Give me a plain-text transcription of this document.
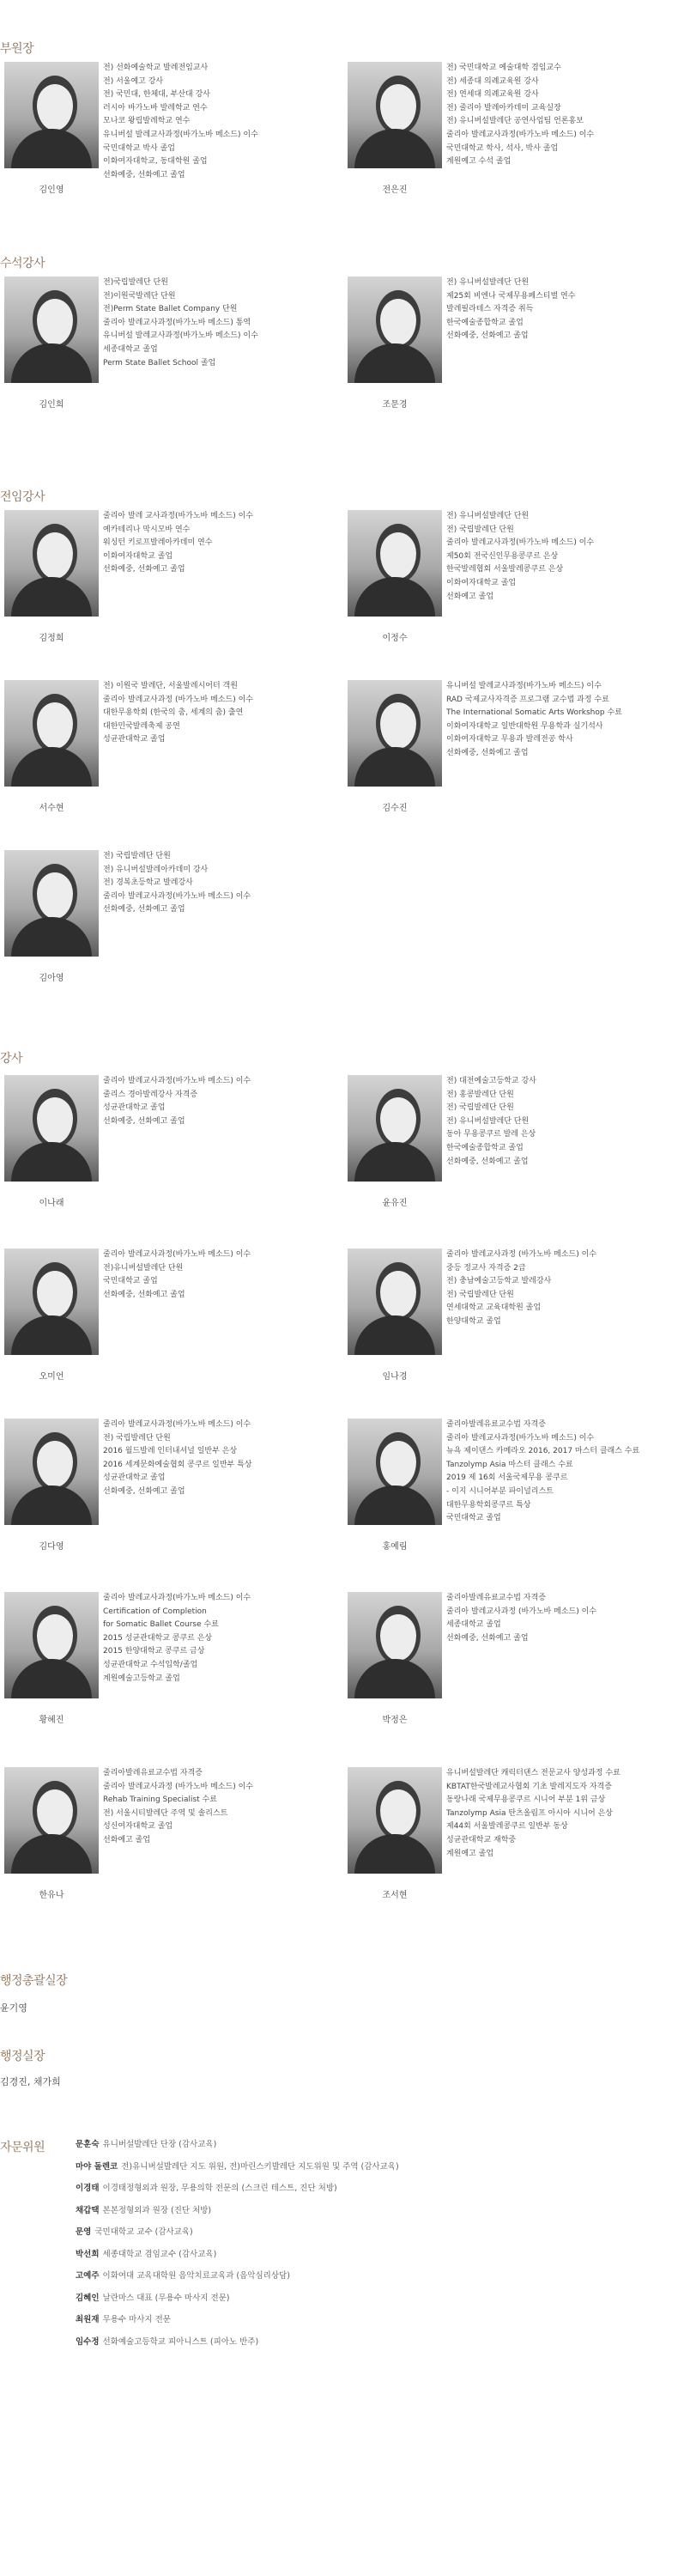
부원장
전) 선화예술학교 발레전임교사
전) 서울예고 강사
전) 국민대, 한체대, 부산대 강사
러시아 바가노바 발레학교 연수
모나코 왕립발레학교 연수
유니버설 발레교사과정(바가노바 메소드) 이수
국민대학교 박사 졸업
이화여자대학교, 동대학원 졸업
선화예중, 선화예고 졸업
김인영
전) 국민대학교 예술대학 겸임교수
전) 세종대 의례교육원 강사
전) 연세대 의례교육원 강사
전) 줄리아 발레아카데미 교육실장
전) 유니버설발레단 공연사업팀 언론홍보
줄리아 발레교사과정(바가노바 메소드) 이수
국민대학교 학사, 석사, 박사 졸업
계원예고 수석 졸업
전은진
수석강사
전)국립발레단 단원
전)이원국발레단 단원
전)Perm State Ballet Company 단원
줄리아 발레교사과정(바가노바 메소드) 통역
유니버설 발레교사과정(바가노바 메소드) 이수
세종대학교 졸업
Perm State Ballet School 졸업
김인희
전) 유니버설발레단 단원
제25회 비엔나 국제무용페스티벌 연수
발레필라테스 자격증 취득
한국예술종합학교 졸업
선화예중, 선화예고 졸업
조문경
전임강사
줄리아 발레 교사과정(바가노바 메소드) 이수
예카테리나 막시모바 연수
워싱턴 키로프발레아카데미 연수
이화여자대학교 졸업
선화예중, 선화예고 졸업
김정희
전) 유니버설발레단 단원
전) 국립발레단 단원
줄리아 발레교사과정(바가노바 메소드) 이수
제50회 전국신인무용콩쿠르 은상
한국발레협회 서울발레콩쿠르 은상
이화여자대학교 졸업
선화예고 졸업
이정수
전) 이원국 발레단, 서울발레시어터 객원
줄리아 발레교사과정 (바가노바 메소드) 이수
대한무용학회 (한국의 춤, 세계의 춤) 출연
대한민국발레축제 공연
성균관대학교 졸업
서수현
유니버설 발레교사과정(바가노바 메소드) 이수
RAD 국제교사자격증 프로그램 교수법 과정 수료
The International Somatic Arts Workshop 수료
이화여자대학교 일반대학원 무용학과 실기석사
이화여자대학교 무용과 발레전공 학사
선화예중, 선화예고 졸업
김수진
전) 국립발레단 단원
전) 유니버설발레아카데미 강사
전) 경복초등학교 발레강사
줄리아 발레교사과정(바가노바 메소드) 이수
선화예중, 선화예고 졸업
김아영
강사
줄리아 발레교사과정(바가노바 메소드) 이수
줄리스 경아발레강사 자격증
성균관대학교 졸업
선화예중, 선화예고 졸업
이나래
전) 대전예술고등학교 강사
전) 홍콩발레단 단원
전) 국립발레단 단원
전) 유니버설발레단 단원
동아 무용콩쿠르 발레 은상
한국예술종합학교 졸업
선화예중, 선화예고 졸업
윤유진
줄리아 발레교사과정(바가노바 메소드) 이수
전)유니버설발레단 단원
국민대학교 졸업
선화예중, 선화예고 졸업
오미언
줄리아 발레교사과정 (바가노바 메소드) 이수
중등 정교사 자격증 2급
전) 충남예술고등학교 발레강사
전) 국립발레단 단원
연세대학교 교육대학원 졸업
한양대학교 졸업
임나경
줄리아 발레교사과정(바가노바 메소드) 이수
전) 국립발레단 단원
2016 월드발레 인터내셔널 일반부 은상
2016 세계문화예술협회 콩쿠르 일반부 특상
성균관대학교 졸업
선화예중, 선화예고 졸업
김다영
줄리아발레유료교수법 자격증
줄리아 발레교사과정(바가노바 메소드) 이수
뉴욕 제이댄스 카메라오 2016, 2017 마스터 클래스 수료
Tanzolymp Asia 마스터 클래스 수료
2019 제 16회 서울국제무용 콩쿠르
- 이지 시니어부분 파이널리스트
대한무용학회콩쿠르 특상
국민대학교 졸업
홍예림
줄리아 발레교사과정(바가노바 메소드) 이수
Certification of Completion
for Somatic Ballet Course 수료
2015 성균관대학교 콩쿠르 은상
2015 한양대학교 콩쿠르 금상
성균관대학교 수석입학/졸업
계원예술고등학교 졸업
황혜진
줄리아발레유료교수법 자격증
줄리아 발레교사과정 (바가노바 메소드) 이수
세종대학교 졸업
선화예중, 선화예고 졸업
박정은
줄리아발레유료교수법 자격증
줄리아 발레교사과정 (바가노바 메소드) 이수
Rehab Training Specialist 수료
전) 서울시티발레단 주역 및 솔리스트
성신여자대학교 졸업
선화예고 졸업
한유나
유니버설발레단 캐릭터댄스 전문교사 양성과정 수료
KBTAT한국발레교사협회 기초 발레지도자 자격증
동랑나래 국제무용콩쿠르 시니어 부분 1위 금상
Tanzolymp Asia 탄츠올림프 아시아 시니어 은상
제44회 서울발레콩쿠르 일반부 동상
성균관대학교 재학중
계원예고 졸업
조서현
행정총괄실장
윤기영
행정실장
김경진, 채가희
자문위원	문훈숙 유니버설발레단 단장 (감사교육)
마야 돌렌코 전)유니버설발레단 지도 위원, 전)마린스키발레단 지도위원 및 주역 (감사교육)
이경태 이경태정형외과 원장, 무용의학 전문의 (스크린 테스트, 진단 처방)
채갑택 본본정형외과 원장 (진단 처방)
문영 국민대학교 교수 (감사교육)
박선희 세종대학교 겸임교수 (감사교육)
고예주 이화여대 교육대학원 음악치료교육과 (음악심리상담)
김혜인 날란마스 대표 (무용수 마사지 전문)
최원재 무용수 마사지 전문
임수정 선화예술고등학교 피아니스트 (피아노 반주)
